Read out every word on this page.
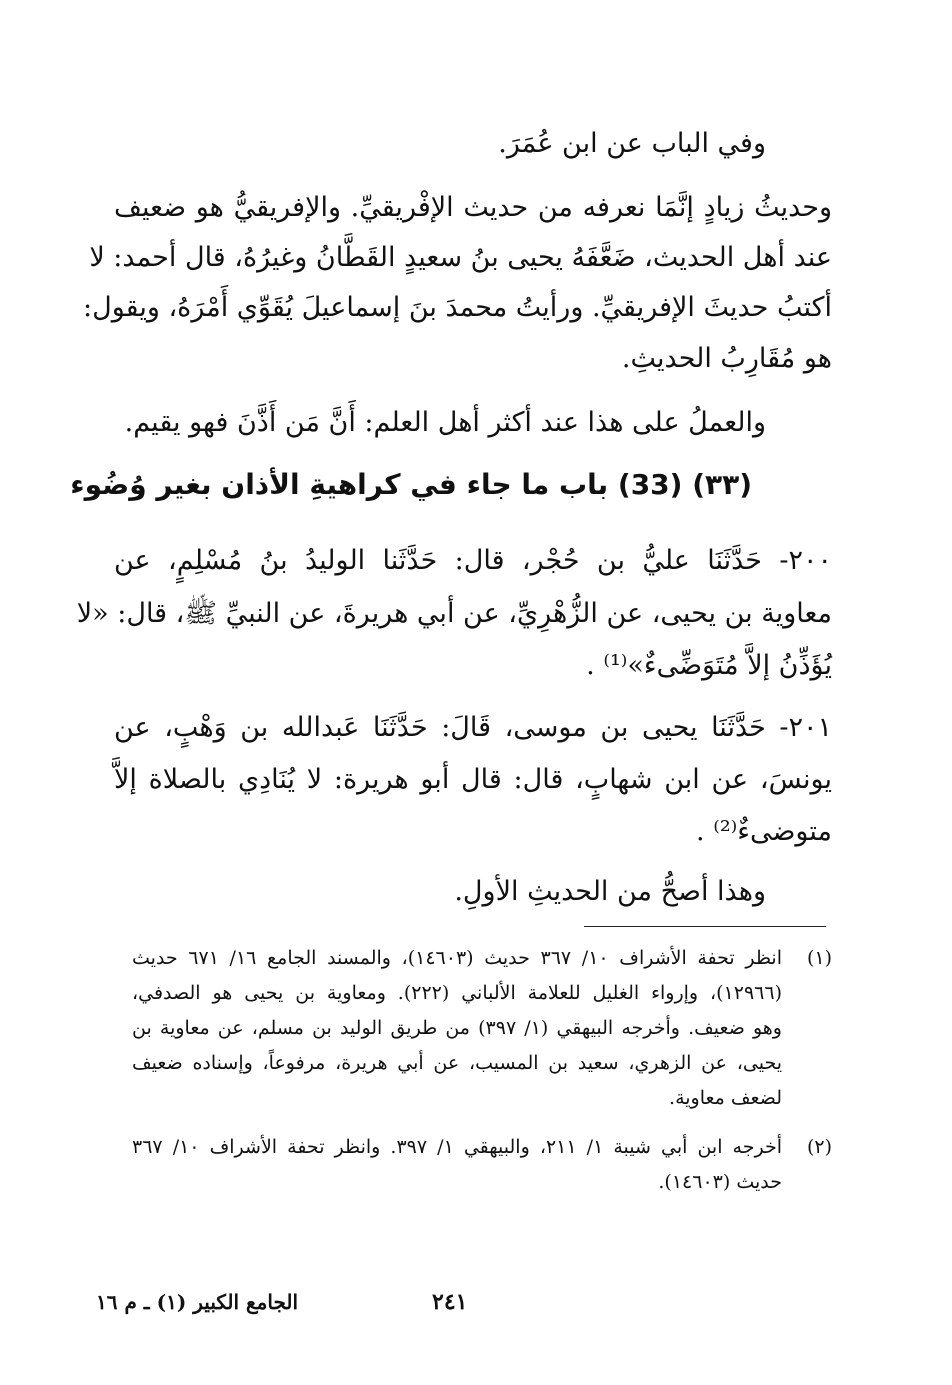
وفي الباب عن ابن عُمَرَ.
وحديثُ زيادٍ إنَّمَا نعرفه من حديث الإفْريقيِّ. والإفريقيُّ هو ضعيف
عند أهل الحديث، ضَعَّفَهُ يحيى بنُ سعيدٍ القَطَّانُ وغيرُهُ، قال أحمد: لا
أكتبُ حديثَ الإفريقيِّ. ورأيتُ محمدَ بنَ إسماعيلَ يُقَوِّي أَمْرَهُ، ويقول:
هو مُقَارِبُ الحديثِ.
والعملُ على هذا عند أكثر أهل العلم: أَنَّ مَن أَذَّنَ فهو يقيم.
(٣٣) (33) باب ما جاء في كراهيةِ الأذان بغير وُضُوء
٢٠٠- حَدَّثَنَا عليُّ بن حُجْر، قال: حَدَّثَنا الوليدُ بنُ مُسْلِمٍ، عن
معاوية بن يحيى، عن الزُّهْرِيِّ، عن أبي هريرةَ، عن النبيِّ ﷺ، قال: «لا
يُؤَذِّنُ إلاَّ مُتَوَضِّىءٌ»⁽¹⁾ .
٢٠١- حَدَّثَنَا يحيى بن موسى، قَالَ: حَدَّثَنَا عَبدالله بن وَهْبٍ، عن
يونسَ، عن ابن شهابٍ، قال: قال أبو هريرة: لا يُنَادِي بالصلاة إلاَّ
متوضىءٌ⁽²⁾ .
وهذا أصحُّ من الحديثِ الأولِ.
(١)
انظر تحفة الأشراف ١٠/ ٣٦٧ حديث (١٤٦٠٣)، والمسند الجامع ١٦/ ٦٧١ حديث
(١٢٩٦٦)، وإرواء الغليل للعلامة الألباني (٢٢٢). ومعاوية بن يحيى هو الصدفي،
وهو ضعيف. وأخرجه البيهقي (١/ ٣٩٧) من طريق الوليد بن مسلم، عن معاوية بن
يحيى، عن الزهري، سعيد بن المسيب، عن أبي هريرة، مرفوعاً، وإسناده ضعيف
لضعف معاوية.
(٢)
أخرجه ابن أبي شيبة ١/ ٢١١، والبيهقي ١/ ٣٩٧. وانظر تحفة الأشراف ١٠/ ٣٦٧
حديث (١٤٦٠٣).
٢٤١
الجامع الكبير (١) ـ م ١٦
